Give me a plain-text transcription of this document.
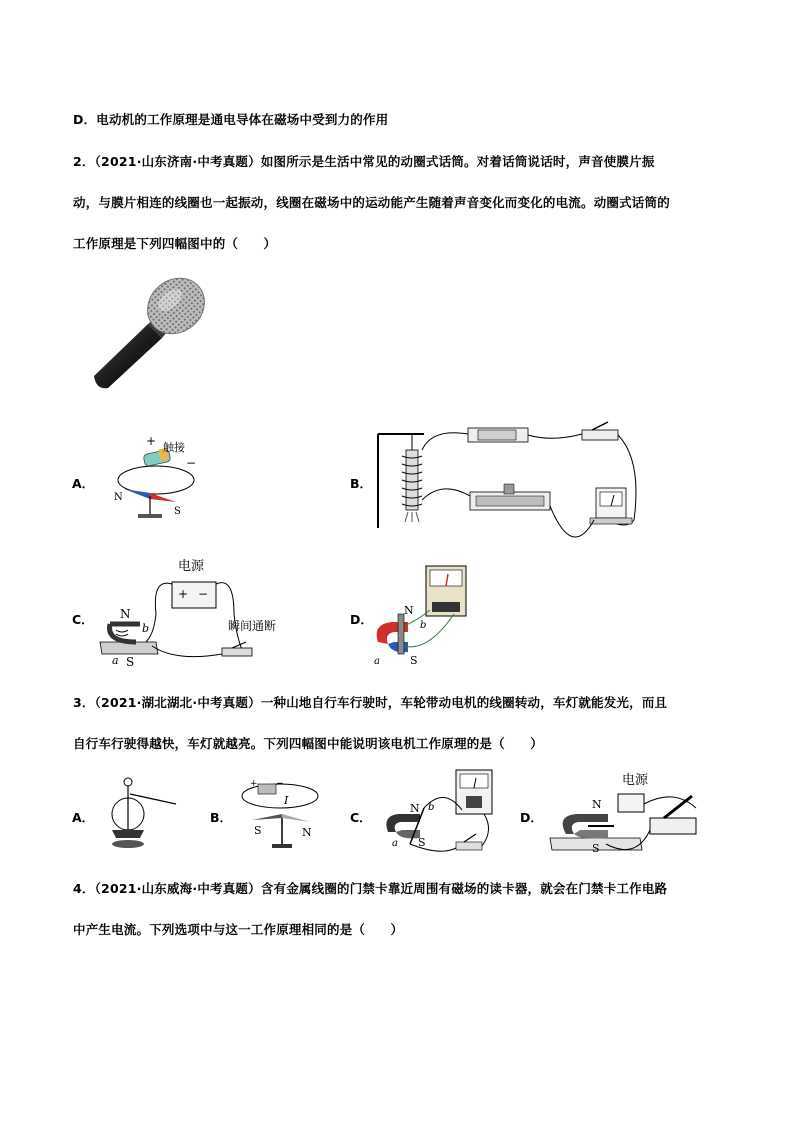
D．电动机的工作原理是通电导体在磁场中受到力的作用
2．（2021·山东济南·中考真题）如图所示是生活中常见的动圈式话筒。对着话筒说话时，声音使膜片振
动，与膜片相连的线圈也一起振动，线圈在磁场中的运动能产生随着声音变化而变化的电流。动圈式话筒的
工作原理是下列四幅图中的（　　）
A．
+
−
触接
N
S
B．
C．
电源
+ −
瞬间通断
N
b
a S
D．
N
b
a	S
3．（2021·湖北湖北·中考真题）一种山地自行车行驶时，车轮带动电机的线圈转动，车灯就能发光，而且
自行车行驶得越快，车灯就越亮。下列四幅图中能说明该电机工作原理的是（　　）
A．	B．
+ −
I
S	N
C．
N b
a S
D．
电源
N
S
4．（2021·山东威海·中考真题）含有金属线圈的门禁卡靠近周围有磁场的读卡器，就会在门禁卡工作电路
中产生电流。下列选项中与这一工作原理相同的是（　　）
